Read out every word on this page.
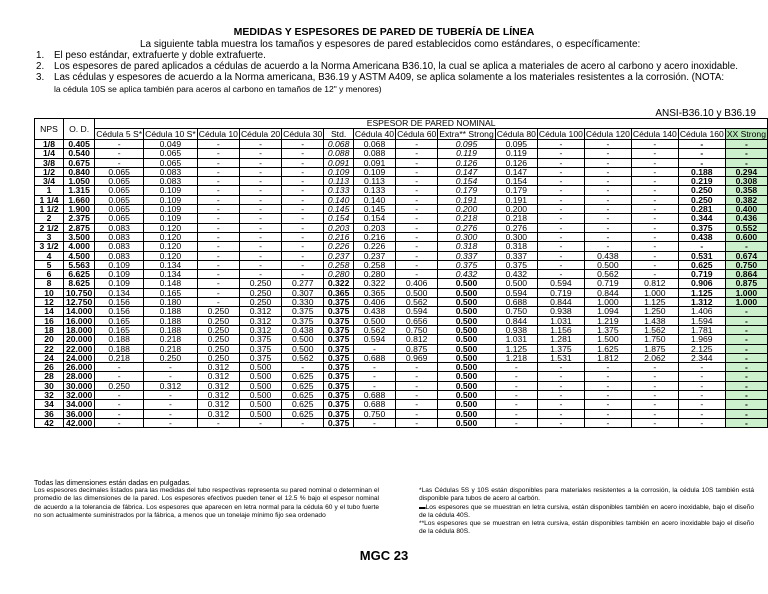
MEDIDAS Y ESPESORES DE PARED DE TUBERÍA DE LÍNEA
La siguiente tabla muestra los tamaños y espesores de pared establecidos como estándares, o específicamente:
1.	El peso estándar, extrafuerte y doble extrafuerte.
2.	Los espesores de pared aplicados a cédulas de acuerdo a la Norma Americana B36.10, la cual se aplica a materiales de acero al carbono y acero inoxidable.
3.	Las cédulas y espesores de acuerdo a la Norma americana, B36.19 y ASTM A409, se aplica solamente a los materiales resistentes a la corrosión. (NOTA:
la cédula 10S se aplica también para aceros al carbono en tamaños de 12" y menores)
ANSI-B36.10 y B36.19
NPS	O. D.	ESPESOR DE PARED NOMINAL														
		Cédula 5 S*	Cédula 10 S*	Cédula 10	Cédula 20	Cédula 30	Std.	Cédula 40	Cédula 60	Extra** Strong	Cédula 80	Cédula 100	Cédula 120	Cédula 140	Cédula 160	XX Strong
1/8	0.405	-	0.049	-	-	-	0.068	0.068	-	0.095	0.095	-	-	-	-	-
1/4	0.540	-	0.065	-	-	-	0.088	0.088	-	0.119	0.119	-	-	-	-	-
3/8	0.675	-	0.065	-	-	-	0.091	0.091	-	0.126	0.126	-	-	-	-	-
1/2	0.840	0.065	0.083	-	-	-	0.109	0.109	-	0.147	0.147	-	-	-	0.188	0.294
3/4	1.050	0.065	0.083	-	-	-	0.113	0.113	-	0.154	0.154	-	-	-	0.219	0.308
1	1.315	0.065	0.109	-	-	-	0.133	0.133	-	0.179	0.179	-	-	-	0.250	0.358
1 1/4	1.660	0.065	0.109	-	-	-	0.140	0.140	-	0.191	0.191	-	-	-	0.250	0.382
1 1/2	1.900	0.065	0.109	-	-	-	0.145	0.145	-	0.200	0.200	-	-	-	0.281	0.400
2	2.375	0.065	0.109	-	-	-	0.154	0.154	-	0.218	0.218	-	-	-	0.344	0.436
2 1/2	2.875	0.083	0.120	-	-	-	0.203	0.203	-	0.276	0.276	-	-	-	0.375	0.552
3	3.500	0.083	0.120	-	-	-	0.216	0.216	-	0.300	0.300	-	-	-	0.438	0.600
3 1/2	4.000	0.083	0.120	-	-	-	0.226	0.226	-	0.318	0.318	-	-	-	-	-
4	4.500	0.083	0.120	-	-	-	0.237	0.237	-	0.337	0.337	-	0.438	-	0.531	0.674
5	5.563	0.109	0.134	-	-	-	0.258	0.258	-	0.375	0.375	-	0.500	-	0.625	0.750
6	6.625	0.109	0.134	-	-	-	0.280	0.280	-	0.432	0.432	-	0.562	-	0.719	0.864
8	8.625	0.109	0.148	-	0.250	0.277	0.322	0.322	0.406	0.500	0.500	0.594	0.719	0.812	0.906	0.875
10	10.750	0.134	0.165	-	0.250	0.307	0.365	0.365	0.500	0.500	0.594	0.719	0.844	1.000	1.125	1.000
12	12.750	0.156	0.180	-	0.250	0.330	0.375	0.406	0.562	0.500	0.688	0.844	1.000	1.125	1.312	1.000
14	14.000	0.156	0.188	0.250	0.312	0.375	0.375	0.438	0.594	0.500	0.750	0.938	1.094	1.250	1.406	-
16	16.000	0.165	0.188	0.250	0.312	0.375	0.375	0.500	0.656	0.500	0.844	1.031	1.219	1.438	1.594	-
18	18.000	0.165	0.188	0.250	0.312	0.438	0.375	0.562	0.750	0.500	0.938	1.156	1.375	1.562	1.781	-
20	20.000	0.188	0.218	0.250	0.375	0.500	0.375	0.594	0.812	0.500	1.031	1.281	1.500	1.750	1.969	-
22	22.000	0.188	0.218	0.250	0.375	0.500	0.375	-	0.875	0.500	1.125	1.375	1.625	1.875	2.125	-
24	24.000	0.218	0.250	0.250	0.375	0.562	0.375	0.688	0.969	0.500	1.218	1.531	1.812	2.062	2.344	-
26	26.000	-	-	0.312	0.500	-	0.375	-	-	0.500	-	-	-	-	-	-
28	28.000	-	-	0.312	0.500	0.625	0.375	-	-	0.500	-	-	-	-	-	-
30	30.000	0.250	0.312	0.312	0.500	0.625	0.375	-	-	0.500	-	-	-	-	-	-
32	32.000	-	-	0.312	0.500	0.625	0.375	0.688	-	0.500	-	-	-	-	-	-
34	34.000	-	-	0.312	0.500	0.625	0.375	0.688	-	0.500	-	-	-	-	-	-
36	36.000	-	-	0.312	0.500	0.625	0.375	0.750	-	0.500	-	-	-	-	-	-
42	42.000	-	-	-	-	-	0.375	-	-	0.500	-	-	-	-	-	-
Todas las dimensiones están dadas en pulgadas.
Los espesores decimales listados para las medidas del tubo respectivas representa su pared nominal o determinan el promedio de las dimensiones de la pared. Los espesores efectivos pueden tener el 12.5 % bajo el espesor nominal de acuerdo a la tolerancia de fábrica. Los espesores que aparecen en letra normal para la cédula 60 y el tubo fuerte no son actualmente suministrados por la fábrica, a menos que un tonelaje mínimo fijo sea ordenado
*Las Cédulas 5S y 10S están disponibles para materiales resistentes a la corrosión, la cédula 10S también está disponible para tubos de acero al carbón.
▬Los espesores que se muestran en letra cursiva, están disponibles también en acero inoxidable, bajo el diseño de la cédula 40S.
**Los espesores que se muestran en letra cursiva, están disponibles también en acero inoxidable bajo el diseño de la cédula 80S.
MGC 23
